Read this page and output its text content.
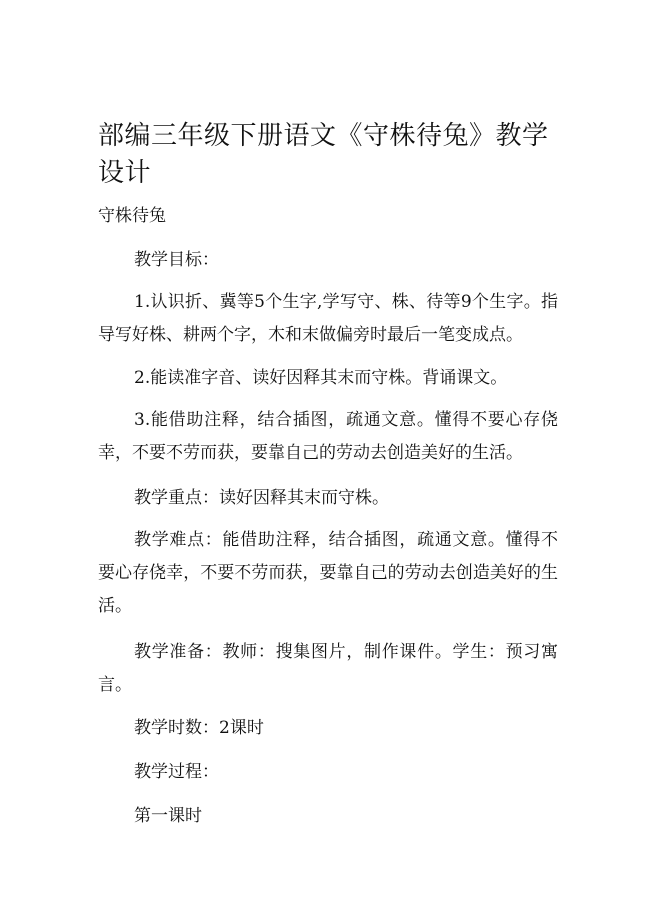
部编三年级下册语文《守株待兔》教学设计

守株待兔

教学目标：

1.认识折、冀等5个生字,学写守、株、待等9个生字。指导写好株、耕两个字，木和末做偏旁时最后一笔变成点。

2.能读准字音、读好因释其末而守株。背诵课文。

3.能借助注释，结合插图，疏通文意。懂得不要心存侥幸，不要不劳而获，要靠自己的劳动去创造美好的生活。

教学重点：读好因释其末而守株。

教学难点：能借助注释，结合插图，疏通文意。懂得不要心存侥幸，不要不劳而获，要靠自己的劳动去创造美好的生活。

教学准备：教师：搜集图片，制作课件。学生：预习寓言。

教学时数：2课时

教学过程：

第一课时
